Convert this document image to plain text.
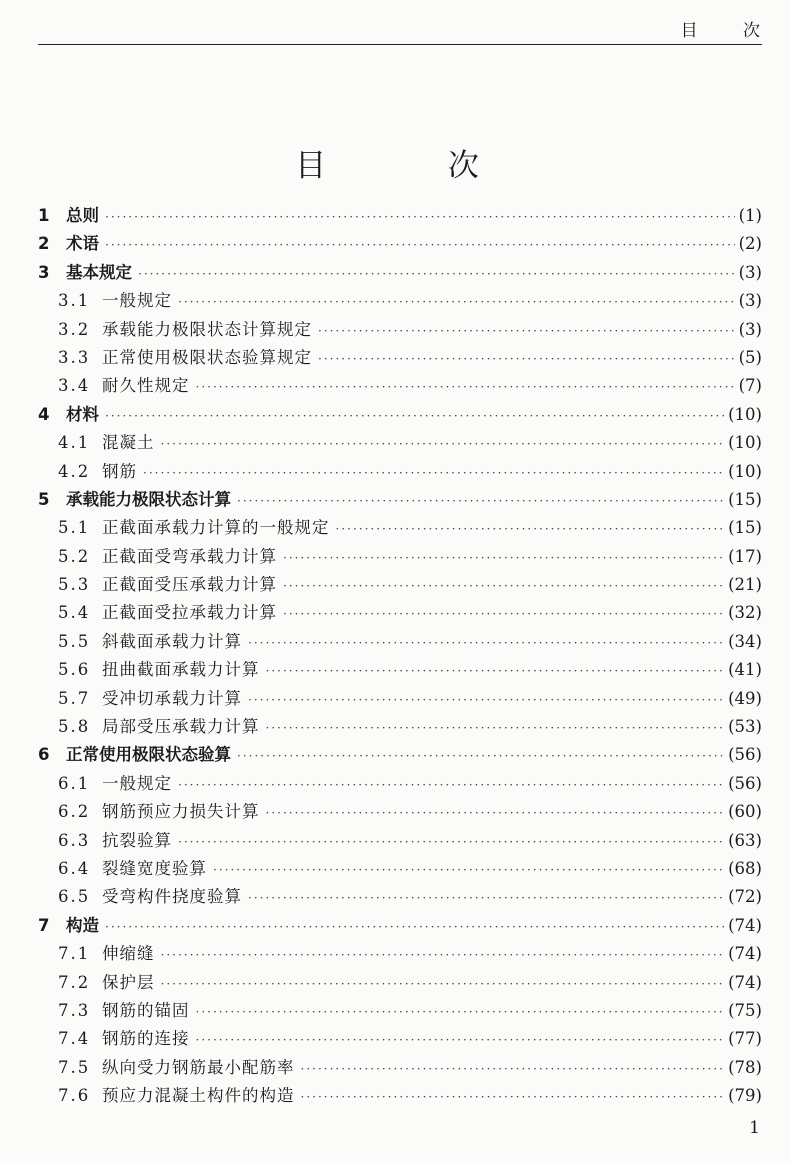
目 次
目 次
1	总则 ·····	(1)
2	术语 ·····	(2)
3	基本规定 ·····	(3)
3.1 一般规定 ·····	(3)
3.2 承载能力极限状态计算规定 ·····	(3)
3.3 正常使用极限状态验算规定 ·····	(5)
3.4 耐久性规定 ·····	(7)
4	材料 ·····	(10)
4.1 混凝土 ·····	(10)
4.2 钢筋 ·····	(10)
5	承载能力极限状态计算 ·····	(15)
5.1 正截面承载力计算的一般规定 ·····	(15)
5.2 正截面受弯承载力计算 ·····	(17)
5.3 正截面受压承载力计算 ·····	(21)
5.4 正截面受拉承载力计算 ·····	(32)
5.5 斜截面承载力计算 ·····	(34)
5.6 扭曲截面承载力计算 ·····	(41)
5.7 受冲切承载力计算 ·····	(49)
5.8 局部受压承载力计算 ·····	(53)
6	正常使用极限状态验算 ·····	(56)
6.1 一般规定 ·····	(56)
6.2 钢筋预应力损失计算 ·····	(60)
6.3 抗裂验算 ·····	(63)
6.4 裂缝宽度验算 ·····	(68)
6.5 受弯构件挠度验算 ·····	(72)
7	构造 ·····	(74)
7.1 伸缩缝 ·····	(74)
7.2 保护层 ·····	(74)
7.3 钢筋的锚固 ·····	(75)
7.4 钢筋的连接 ·····	(77)
7.5 纵向受力钢筋最小配筋率 ·····	(78)
7.6 预应力混凝土构件的构造 ·····	(79)
1
